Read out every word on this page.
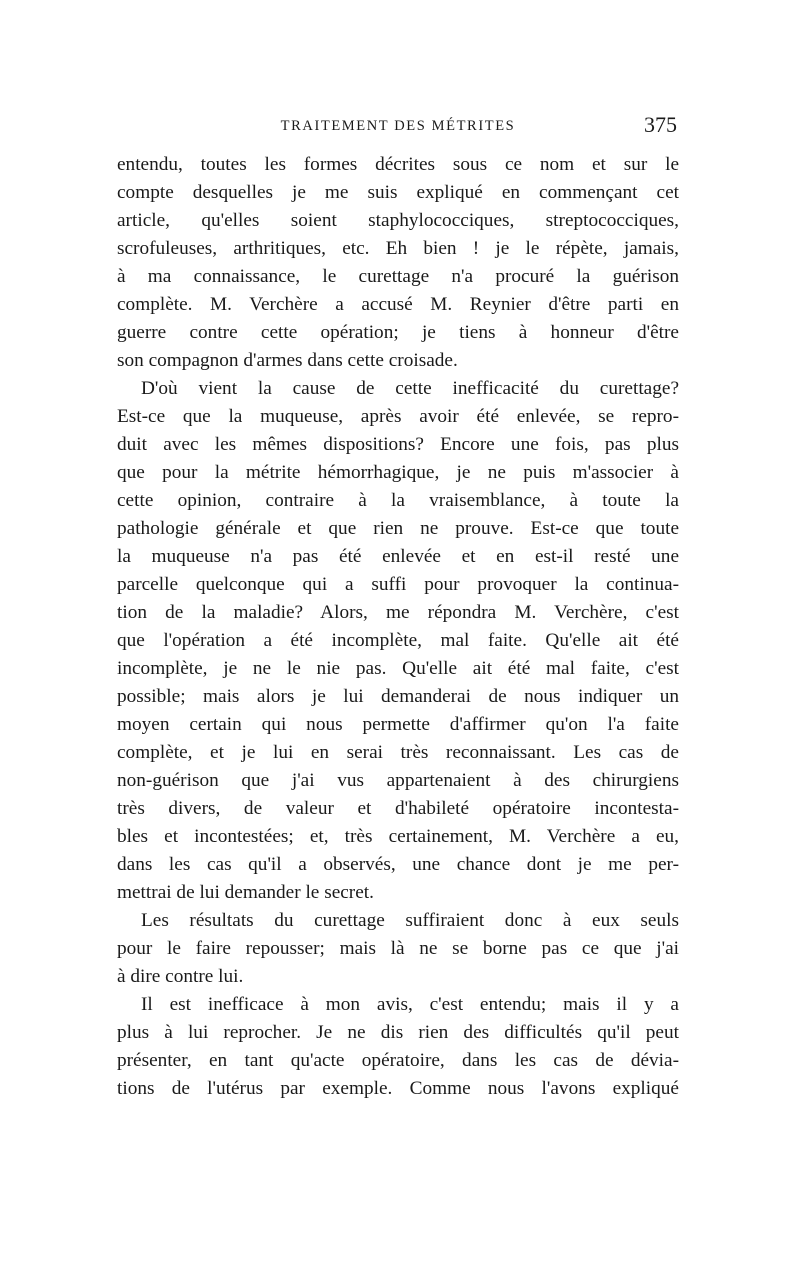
TRAITEMENT DES MÉTRITES	375
entendu, toutes les formes décrites sous ce nom et sur le
compte desquelles je me suis expliqué en commençant cet
article, qu'elles soient staphylococciques, streptococciques,
scrofuleuses, arthritiques, etc. Eh bien ! je le répète, jamais,
à ma connaissance, le curettage n'a procuré la guérison
complète. M. Verchère a accusé M. Reynier d'être parti en
guerre contre cette opération; je tiens à honneur d'être
son compagnon d'armes dans cette croisade.
D'où vient la cause de cette inefficacité du curettage?
Est-ce que la muqueuse, après avoir été enlevée, se repro-
duit avec les mêmes dispositions? Encore une fois, pas plus
que pour la métrite hémorrhagique, je ne puis m'associer à
cette opinion, contraire à la vraisemblance, à toute la
pathologie générale et que rien ne prouve. Est-ce que toute
la muqueuse n'a pas été enlevée et en est-il resté une
parcelle quelconque qui a suffi pour provoquer la continua-
tion de la maladie? Alors, me répondra M. Verchère, c'est
que l'opération a été incomplète, mal faite. Qu'elle ait été
incomplète, je ne le nie pas. Qu'elle ait été mal faite, c'est
possible; mais alors je lui demanderai de nous indiquer un
moyen certain qui nous permette d'affirmer qu'on l'a faite
complète, et je lui en serai très reconnaissant. Les cas de
non-guérison que j'ai vus appartenaient à des chirurgiens
très divers, de valeur et d'habileté opératoire incontesta-
bles et incontestées; et, très certainement, M. Verchère a eu,
dans les cas qu'il a observés, une chance dont je me per-
mettrai de lui demander le secret.
Les résultats du curettage suffiraient donc à eux seuls
pour le faire repousser; mais là ne se borne pas ce que j'ai
à dire contre lui.
Il est inefficace à mon avis, c'est entendu; mais il y a
plus à lui reprocher. Je ne dis rien des difficultés qu'il peut
présenter, en tant qu'acte opératoire, dans les cas de dévia-
tions de l'utérus par exemple. Comme nous l'avons expliqué
